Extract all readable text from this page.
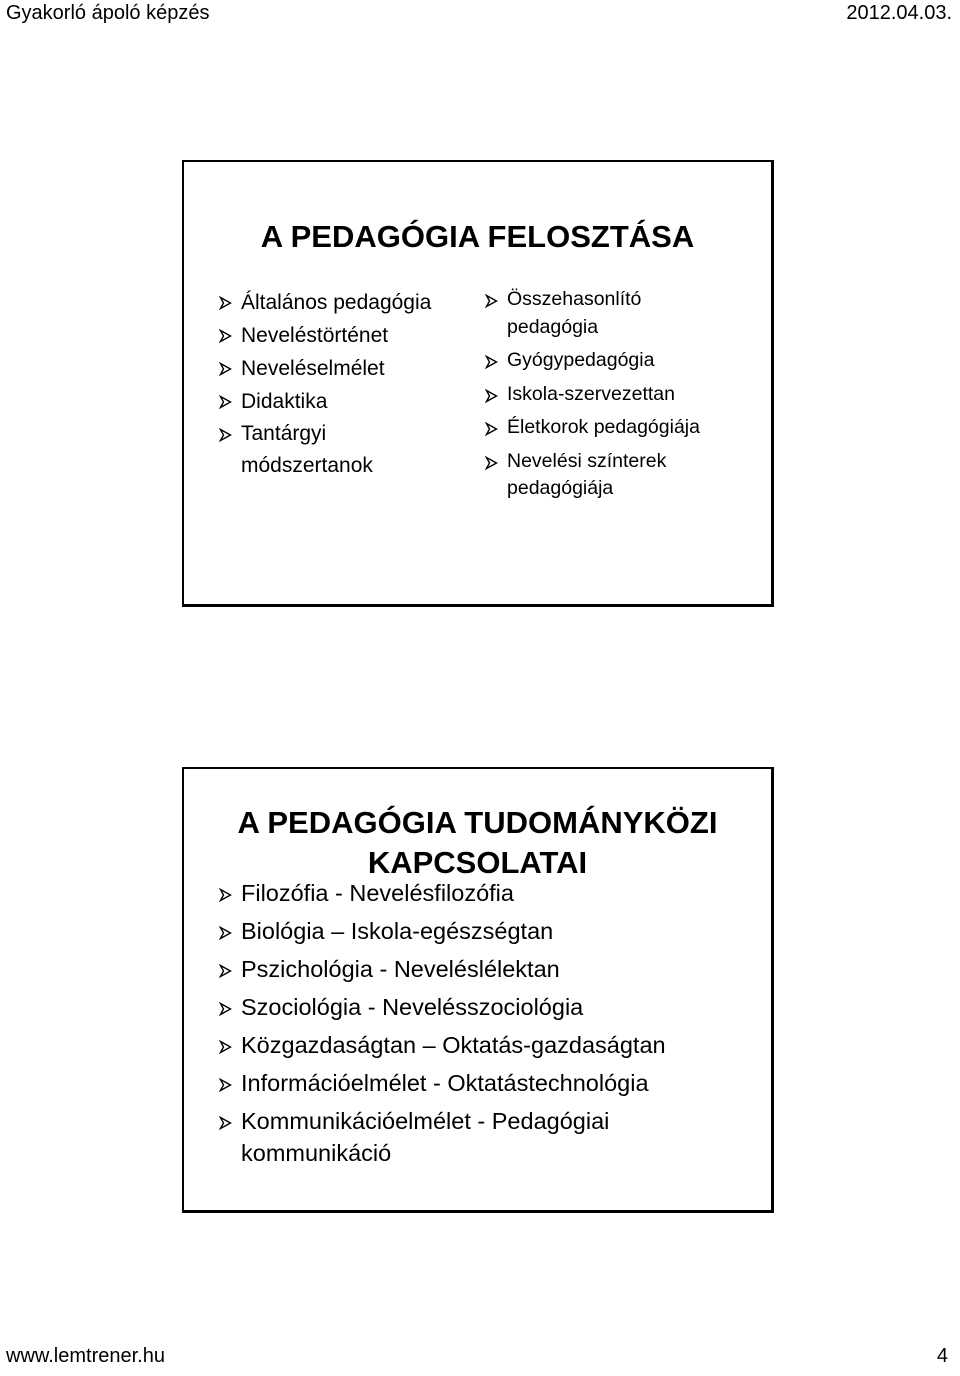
Gyakorló ápoló képzés	2012.04.03.
A PEDAGÓGIA FELOSZTÁSA
Általános pedagógia
Neveléstörténet
Neveléselmélet
Didaktika
Tantárgyi módszertanok
Összehasonlító pedagógia
Gyógypedagógia
Iskola-szervezettan
Életkorok pedagógiája
Nevelési színterek pedagógiája
A PEDAGÓGIA TUDOMÁNYKÖZI
KAPCSOLATAI
Filozófia - Nevelésfilozófia
Biológia – Iskola-egészségtan
Pszichológia - Neveléslélektan
Szociológia - Nevelésszociológia
Közgazdaságtan – Oktatás-gazdaságtan
Információelmélet - Oktatástechnológia
Kommunikációelmélet - Pedagógiai kommunikáció
www.lemtrener.hu	4
